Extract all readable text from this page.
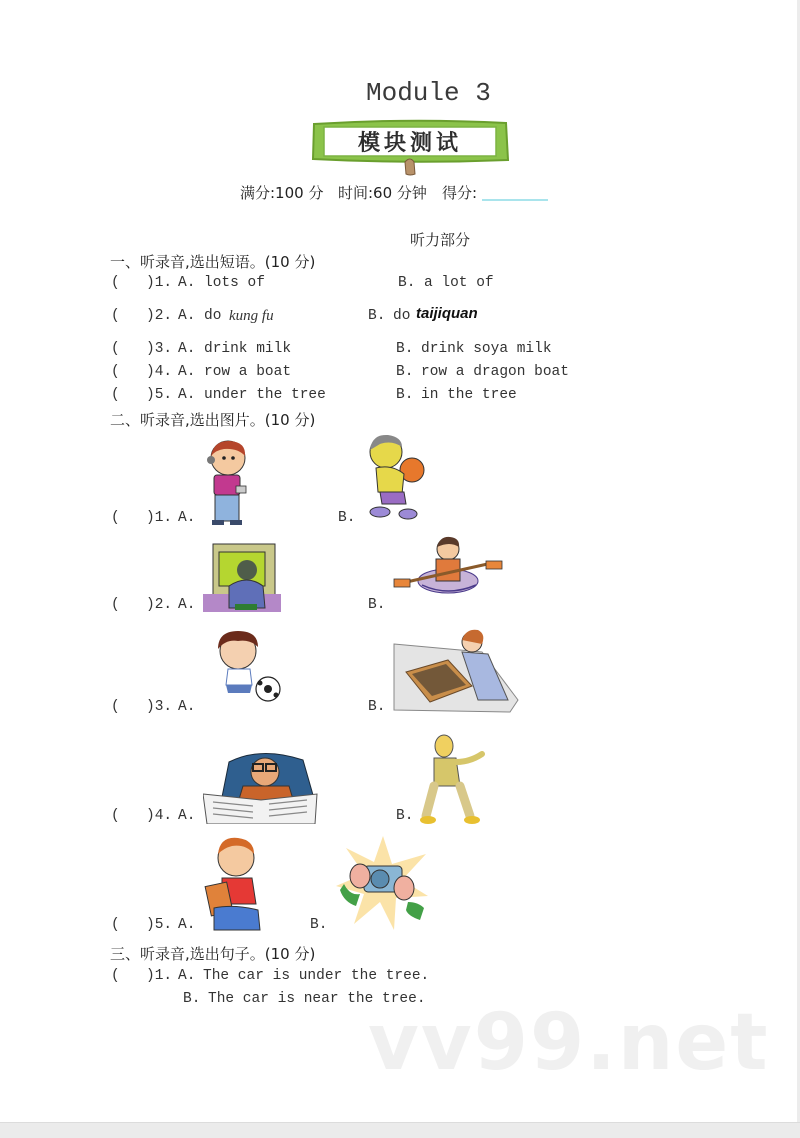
Module 3
模块测试
满分:100 分 时间:60 分钟 得分:
听力部分
一、听录音,选出短语。(10 分)
( )1. A. lots of	B. a lot of
( )2. A. do kung fu	B. do taijiquan
( )3. A. drink milk	B. drink soya milk
( )4. A. row a boat	B. row a dragon boat
( )5. A. under the tree	B. in the tree
二、听录音,选出图片。(10 分)
( )1. A.	B.
( )2. A.	B.
( )3. A.	B.
( )4. A.	B.
( )5. A.	B.
三、听录音,选出句子。(10 分)
( )1. A. The car is under the tree.
B. The car is near the tree.
vv99.net
